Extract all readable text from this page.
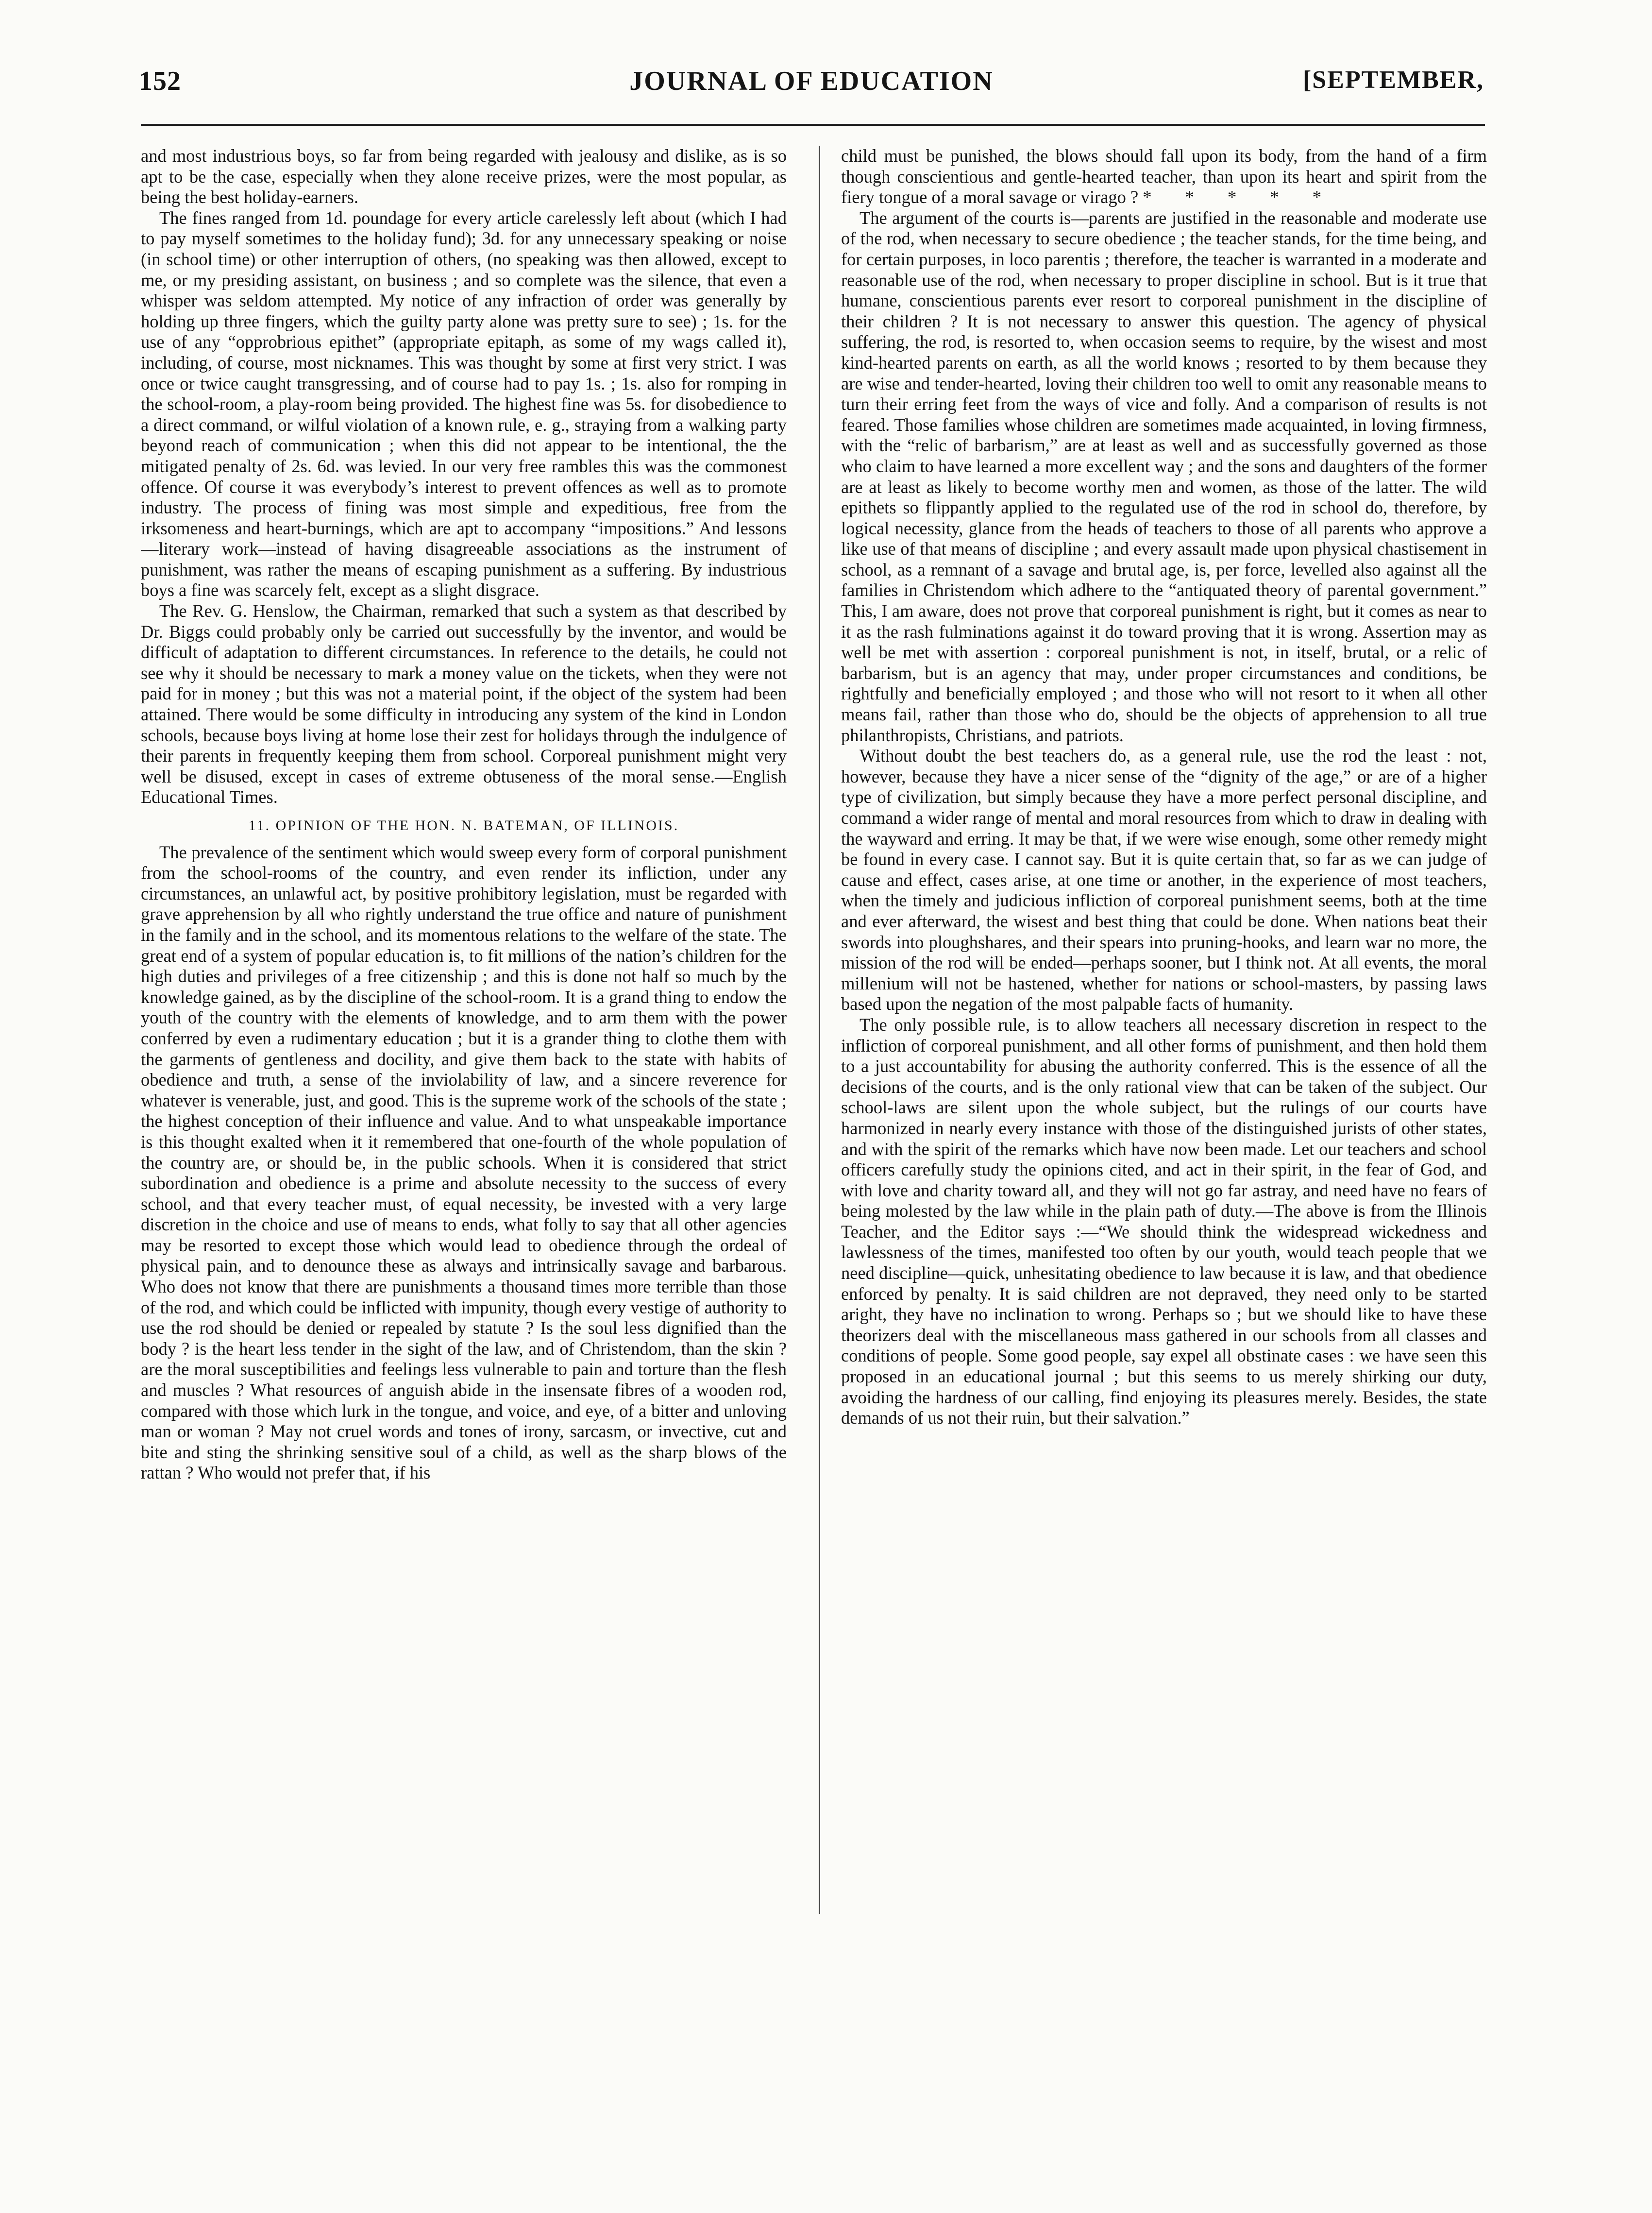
152	JOURNAL OF EDUCATION	[SEPTEMBER,

and most industrious boys, so far from being regarded with jealousy and dislike, as is so apt to be the case, especially when they alone receive prizes, were the most popular, as being the best holiday-earners.

The fines ranged from 1d. poundage for every article carelessly left about (which I had to pay myself sometimes to the holiday fund); 3d. for any unnecessary speaking or noise (in school time) or other interruption of others, (no speaking was then allowed, except to me, or my presiding assistant, on business ; and so complete was the silence, that even a whisper was seldom attempted. My notice of any infraction of order was generally by holding up three fingers, which the guilty party alone was pretty sure to see) ; 1s. for the use of any “opprobrious epithet” (appropriate epitaph, as some of my wags called it), including, of course, most nicknames. This was thought by some at first very strict. I was once or twice caught transgressing, and of course had to pay 1s. ; 1s. also for romping in the school-room, a play-room being provided. The highest fine was 5s. for disobedience to a direct command, or wilful violation of a known rule, e. g., straying from a walking party beyond reach of communication ; when this did not appear to be intentional, the the mitigated penalty of 2s. 6d. was levied. In our very free rambles this was the commonest offence. Of course it was everybody’s interest to prevent offences as well as to promote industry. The process of fining was most simple and expeditious, free from the irksomeness and heart-burnings, which are apt to accompany “impositions.” And lessons—literary work—instead of having disagreeable associations as the instrument of punishment, was rather the means of escaping punishment as a suffering. By industrious boys a fine was scarcely felt, except as a slight disgrace.

The Rev. G. Henslow, the Chairman, remarked that such a system as that described by Dr. Biggs could probably only be carried out successfully by the inventor, and would be difficult of adaptation to different circumstances. In reference to the details, he could not see why it should be necessary to mark a money value on the tickets, when they were not paid for in money ; but this was not a material point, if the object of the system had been attained. There would be some difficulty in introducing any system of the kind in London schools, because boys living at home lose their zest for holidays through the indulgence of their parents in frequently keeping them from school. Corporeal punishment might very well be disused, except in cases of extreme obtuseness of the moral sense.—English Educational Times.

11. OPINION OF THE HON. N. BATEMAN, OF ILLINOIS.

The prevalence of the sentiment which would sweep every form of corporal punishment from the school-rooms of the country, and even render its infliction, under any circumstances, an unlawful act, by positive prohibitory legislation, must be regarded with grave apprehension by all who rightly understand the true office and nature of punishment in the family and in the school, and its momentous relations to the welfare of the state. The great end of a system of popular education is, to fit millions of the nation’s children for the high duties and privileges of a free citizenship ; and this is done not half so much by the knowledge gained, as by the discipline of the school-room. It is a grand thing to endow the youth of the country with the elements of knowledge, and to arm them with the power conferred by even a rudimentary education ; but it is a grander thing to clothe them with the garments of gentleness and docility, and give them back to the state with habits of obedience and truth, a sense of the inviolability of law, and a sincere reverence for whatever is venerable, just, and good. This is the supreme work of the schools of the state ; the highest conception of their influence and value. And to what unspeakable importance is this thought exalted when it it remembered that one-fourth of the whole population of the country are, or should be, in the public schools. When it is considered that strict subordination and obedience is a prime and absolute necessity to the success of every school, and that every teacher must, of equal necessity, be invested with a very large discretion in the choice and use of means to ends, what folly to say that all other agencies may be resorted to except those which would lead to obedience through the ordeal of physical pain, and to denounce these as always and intrinsically savage and barbarous. Who does not know that there are punishments a thousand times more terrible than those of the rod, and which could be inflicted with impunity, though every vestige of authority to use the rod should be denied or repealed by statute ? Is the soul less dignified than the body ? is the heart less tender in the sight of the law, and of Christendom, than the skin ? are the moral susceptibilities and feelings less vulnerable to pain and torture than the flesh and muscles ? What resources of anguish abide in the insensate fibres of a wooden rod, compared with those which lurk in the tongue, and voice, and eye, of a bitter and unloving man or woman ? May not cruel words and tones of irony, sarcasm, or invective, cut and bite and sting the shrinking sensitive soul of a child, as well as the sharp blows of the rattan ? Who would not prefer that, if his

child must be punished, the blows should fall upon its body, from the hand of a firm though conscientious and gentle-hearted teacher, than upon its heart and spirit from the fiery tongue of a moral savage or virago ? * * * * *

The argument of the courts is—parents are justified in the reasonable and moderate use of the rod, when necessary to secure obedience ; the teacher stands, for the time being, and for certain purposes, in loco parentis ; therefore, the teacher is warranted in a moderate and reasonable use of the rod, when necessary to proper discipline in school. But is it true that humane, conscientious parents ever resort to corporeal punishment in the discipline of their children ? It is not necessary to answer this question. The agency of physical suffering, the rod, is resorted to, when occasion seems to require, by the wisest and most kind-hearted parents on earth, as all the world knows ; resorted to by them because they are wise and tender-hearted, loving their children too well to omit any reasonable means to turn their erring feet from the ways of vice and folly. And a comparison of results is not feared. Those families whose children are sometimes made acquainted, in loving firmness, with the “relic of barbarism,” are at least as well and as successfully governed as those who claim to have learned a more excellent way ; and the sons and daughters of the former are at least as likely to become worthy men and women, as those of the latter. The wild epithets so flippantly applied to the regulated use of the rod in school do, therefore, by logical necessity, glance from the heads of teachers to those of all parents who approve a like use of that means of discipline ; and every assault made upon physical chastisement in school, as a remnant of a savage and brutal age, is, per force, levelled also against all the families in Christendom which adhere to the “antiquated theory of parental government.” This, I am aware, does not prove that corporeal punishment is right, but it comes as near to it as the rash fulminations against it do toward proving that it is wrong. Assertion may as well be met with assertion : corporeal punishment is not, in itself, brutal, or a relic of barbarism, but is an agency that may, under proper circumstances and conditions, be rightfully and beneficially employed ; and those who will not resort to it when all other means fail, rather than those who do, should be the objects of apprehension to all true philanthropists, Christians, and patriots.

Without doubt the best teachers do, as a general rule, use the rod the least : not, however, because they have a nicer sense of the “dignity of the age,” or are of a higher type of civilization, but simply because they have a more perfect personal discipline, and command a wider range of mental and moral resources from which to draw in dealing with the wayward and erring. It may be that, if we were wise enough, some other remedy might be found in every case. I cannot say. But it is quite certain that, so far as we can judge of cause and effect, cases arise, at one time or another, in the experience of most teachers, when the timely and judicious infliction of corporeal punishment seems, both at the time and ever afterward, the wisest and best thing that could be done. When nations beat their swords into ploughshares, and their spears into pruning-hooks, and learn war no more, the mission of the rod will be ended—perhaps sooner, but I think not. At all events, the moral millenium will not be hastened, whether for nations or school-masters, by passing laws based upon the negation of the most palpable facts of humanity.

The only possible rule, is to allow teachers all necessary discretion in respect to the infliction of corporeal punishment, and all other forms of punishment, and then hold them to a just accountability for abusing the authority conferred. This is the essence of all the decisions of the courts, and is the only rational view that can be taken of the subject. Our school-laws are silent upon the whole subject, but the rulings of our courts have harmonized in nearly every instance with those of the distinguished jurists of other states, and with the spirit of the remarks which have now been made. Let our teachers and school officers carefully study the opinions cited, and act in their spirit, in the fear of God, and with love and charity toward all, and they will not go far astray, and need have no fears of being molested by the law while in the plain path of duty.—The above is from the Illinois Teacher, and the Editor says :—“We should think the widespread wickedness and lawlessness of the times, manifested too often by our youth, would teach people that we need discipline—quick, unhesitating obedience to law because it is law, and that obedience enforced by penalty. It is said children are not depraved, they need only to be started aright, they have no inclination to wrong. Perhaps so ; but we should like to have these theorizers deal with the miscellaneous mass gathered in our schools from all classes and conditions of people. Some good people, say expel all obstinate cases : we have seen this proposed in an educational journal ; but this seems to us merely shirking our duty, avoiding the hardness of our calling, find enjoying its pleasures merely. Besides, the state demands of us not their ruin, but their salvation.”
